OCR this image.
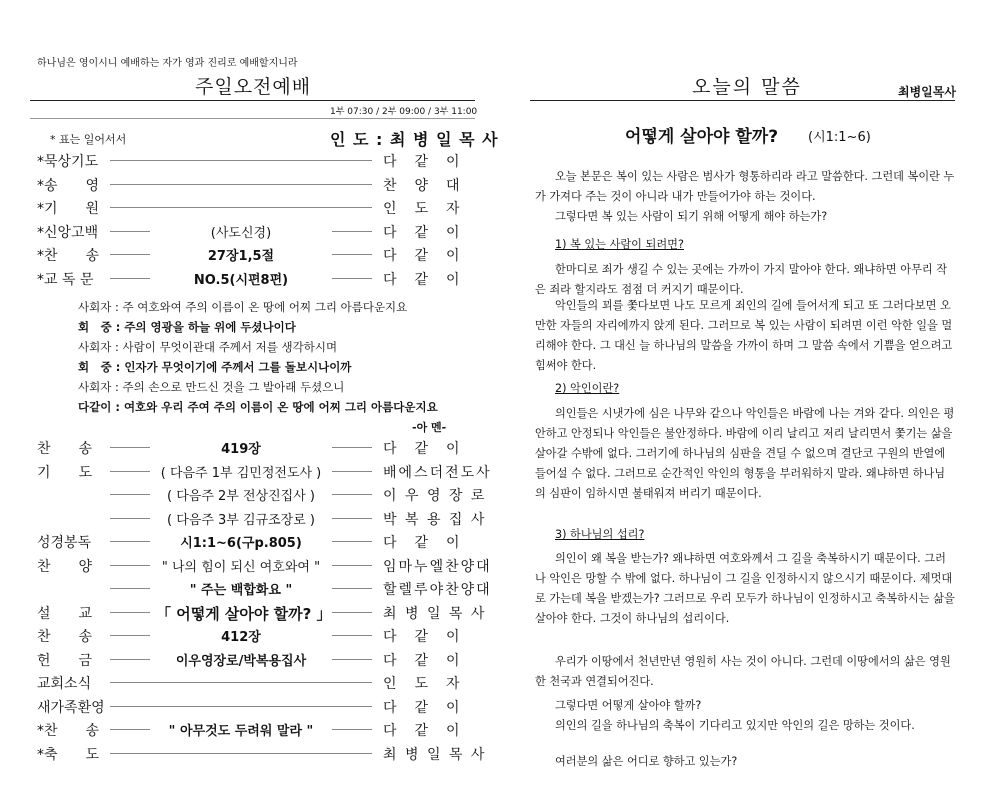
하나님은 영이시니 예배하는 자가 영과 진리로 예배할지니라
주일오전예배
1부 07:30 / 2부 09:00 / 3부 11:00
* 표는 일어서서	인 도 : 최 병 일 목 사
*묵상기도	다　같　이
*송　　영	찬　양　대
*기　　원	인　도　자
*신앙고백	(사도신경)	다　같　이
*찬　　송	27장1,5절	다　같　이
*교 독 문	NO.5(시편8편)	다　같　이
사회자 : 주 여호와여 주의 이름이 온 땅에 어찌 그리 아름다운지요
회　중 : 주의 영광을 하늘 위에 두셨나이다
사회자 : 사람이 무엇이관대 주께서 저를 생각하시며
회　중 : 인자가 무엇이기에 주께서 그를 돌보시나이까
사회자 : 주의 손으로 만드신 것을 그 발아래 두셨으니
다같이 : 여호와 우리 주여 주의 이름이 온 땅에 어찌 그리 아름다운지요
-아 멘-
찬　　송	419장	다　같　이
기　　도	( 다음주 1부 김민정전도사 )	배에스더전도사
( 다음주 2부 전상진집사 )	이 우 영 장 로
( 다음주 3부 김규조장로 )	박 복 용 집 사
성경봉독	시1:1~6(구p.805)	다　같　이
찬　　양	" 나의 힘이 되신 여호와여 "	임마누엘찬양대
" 주는 백합화요 "	할렐루야찬양대
설　　교	「 어떻게 살아야 할까? 」	최 병 일 목 사
찬　　송	412장	다　같　이
헌　　금	이우영장로/박복용집사	다　같　이
교회소식	인　도　자
새가족환영	다　같　이
*찬　　송	" 아무것도 두려워 말라 "	다　같　이
*축　　도	최 병 일 목 사
오늘의 말씀	최병일목사
어떻게 살아야 할까? (시1:1~6)
오늘 본문은 복이 있는 사람은 범사가 형통하리라 라고 말씀한다. 그런데 복이란 누가 가져다 주는 것이 아니라 내가 만들어가야 하는 것이다.
그렇다면 복 있는 사람이 되기 위해 어떻게 해야 하는가?
1) 복 있는 사람이 되려면?
한마디로 죄가 생길 수 있는 곳에는 가까이 가지 말아야 한다. 왜냐하면 아무리 작은 죄라 할지라도 점점 더 커지기 때문이다.
악인들의 꾀를 쫓다보면 나도 모르게 죄인의 길에 들어서게 되고 또 그러다보면 오만한 자들의 자리에까지 앉게 된다. 그러므로 복 있는 사람이 되려면 이런 악한 일을 멀리해야 한다. 그 대신 늘 하나님의 말씀을 가까이 하며 그 말씀 속에서 기쁨을 얻으려고 힘써야 한다.
2) 악인이란?
의인들은 시냇가에 심은 나무와 같으나 악인들은 바람에 나는 겨와 같다. 의인은 평안하고 안정되나 악인들은 불안정하다. 바람에 이리 날리고 저리 날리면서 쫓기는 삶을 살아갈 수밖에 없다. 그러기에 하나님의 심판을 견딜 수 없으며 결단코 구원의 반열에 들어설 수 없다. 그러므로 순간적인 악인의 형통을 부러워하지 말라. 왜냐하면 하나님의 심판이 임하시면 불태워져 버리기 때문이다.
3) 하나님의 섭리?
의인이 왜 복을 받는가? 왜냐하면 여호와께서 그 길을 축복하시기 때문이다. 그러나 악인은 망할 수 밖에 없다. 하나님이 그 길을 인정하시지 않으시기 때문이다. 제멋대로 가는데 복을 받겠는가? 그러므로 우리 모두가 하나님이 인정하시고 축복하시는 삶을 살아야 한다. 그것이 하나님의 섭리이다.
우리가 이땅에서 천년만년 영원히 사는 것이 아니다. 그런데 이땅에서의 삶은 영원한 천국과 연결되어진다.
그렇다면 어떻게 살아야 할까?
의인의 길을 하나님의 축복이 기다리고 있지만 악인의 길은 망하는 것이다.
여러분의 삶은 어디로 향하고 있는가?
